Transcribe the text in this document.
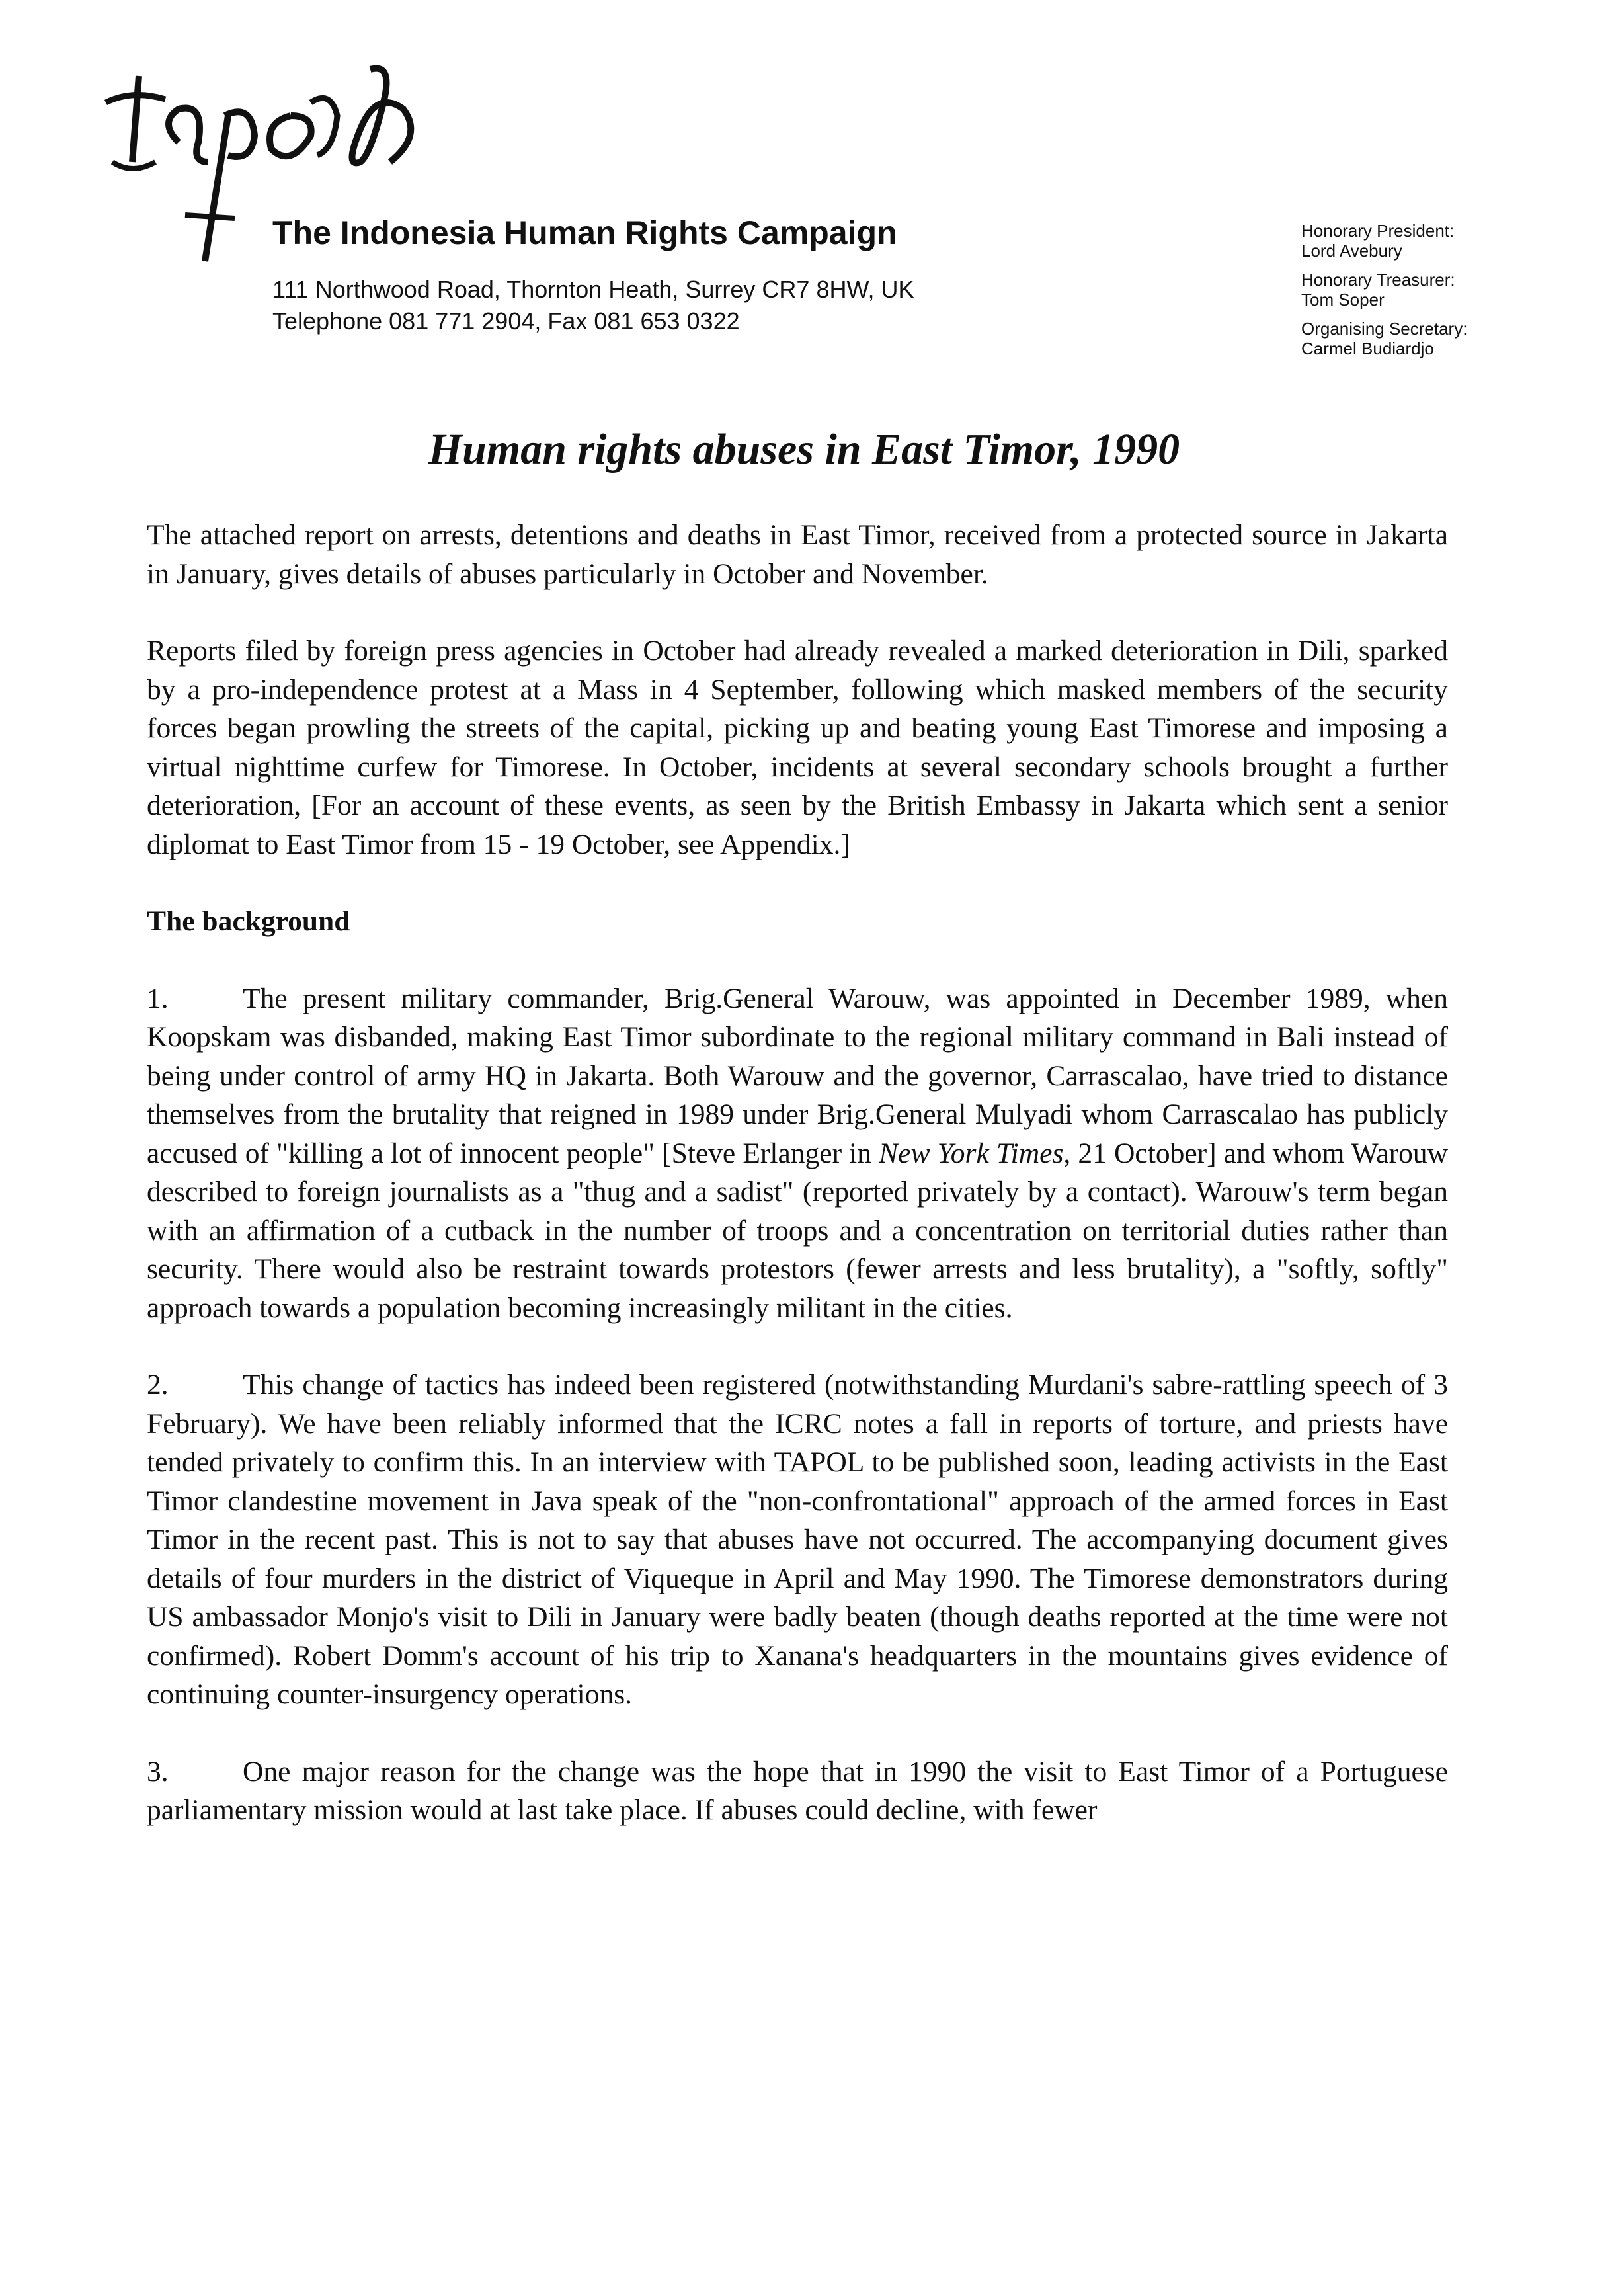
The Indonesia Human Rights Campaign
111 Northwood Road, Thornton Heath, Surrey CR7 8HW, UK
Telephone 081 771 2904, Fax 081 653 0322
Honorary President:
Lord Avebury
Honorary Treasurer:
Tom Soper
Organising Secretary:
Carmel Budiardjo
Human rights abuses in East Timor, 1990

The attached report on arrests, detentions and deaths in East Timor, received from a protected source in Jakarta in January, gives details of abuses particularly in October and November.

Reports filed by foreign press agencies in October had already revealed a marked deterioration in Dili, sparked by a pro-independence protest at a Mass in 4 September, following which masked members of the security forces began prowling the streets of the capital, picking up and beating young East Timorese and imposing a virtual nighttime curfew for Timorese. In October, incidents at several secondary schools brought a further deterioration, [For an account of these events, as seen by the British Embassy in Jakarta which sent a senior diplomat to East Timor from 15 - 19 October, see Appendix.]

The background

1.	The present military commander, Brig.General Warouw, was appointed in December 1989, when Koopskam was disbanded, making East Timor subordinate to the regional military command in Bali instead of being under control of army HQ in Jakarta. Both Warouw and the governor, Carrascalao, have tried to distance themselves from the brutality that reigned in 1989 under Brig.General Mulyadi whom Carrascalao has publicly accused of "killing a lot of innocent people" [Steve Erlanger in New York Times, 21 October] and whom Warouw described to foreign journalists as a "thug and a sadist" (reported privately by a contact). Warouw's term began with an affirmation of a cutback in the number of troops and a concentration on territorial duties rather than security. There would also be restraint towards protestors (fewer arrests and less brutality), a "softly, softly" approach towards a population becoming increasingly militant in the cities.

2.	This change of tactics has indeed been registered (notwithstanding Murdani's sabre-rattling speech of 3 February). We have been reliably informed that the ICRC notes a fall in reports of torture, and priests have tended privately to confirm this. In an interview with TAPOL to be published soon, leading activists in the East Timor clandestine movement in Java speak of the "non-confrontational" approach of the armed forces in East Timor in the recent past. This is not to say that abuses have not occurred. The accompanying document gives details of four murders in the district of Viqueque in April and May 1990. The Timorese demonstrators during US ambassador Monjo's visit to Dili in January were badly beaten (though deaths reported at the time were not confirmed). Robert Domm's account of his trip to Xanana's headquarters in the mountains gives evidence of continuing counter-insurgency operations.

3.	One major reason for the change was the hope that in 1990 the visit to East Timor of a Portuguese parliamentary mission would at last take place. If abuses could decline, with fewer
